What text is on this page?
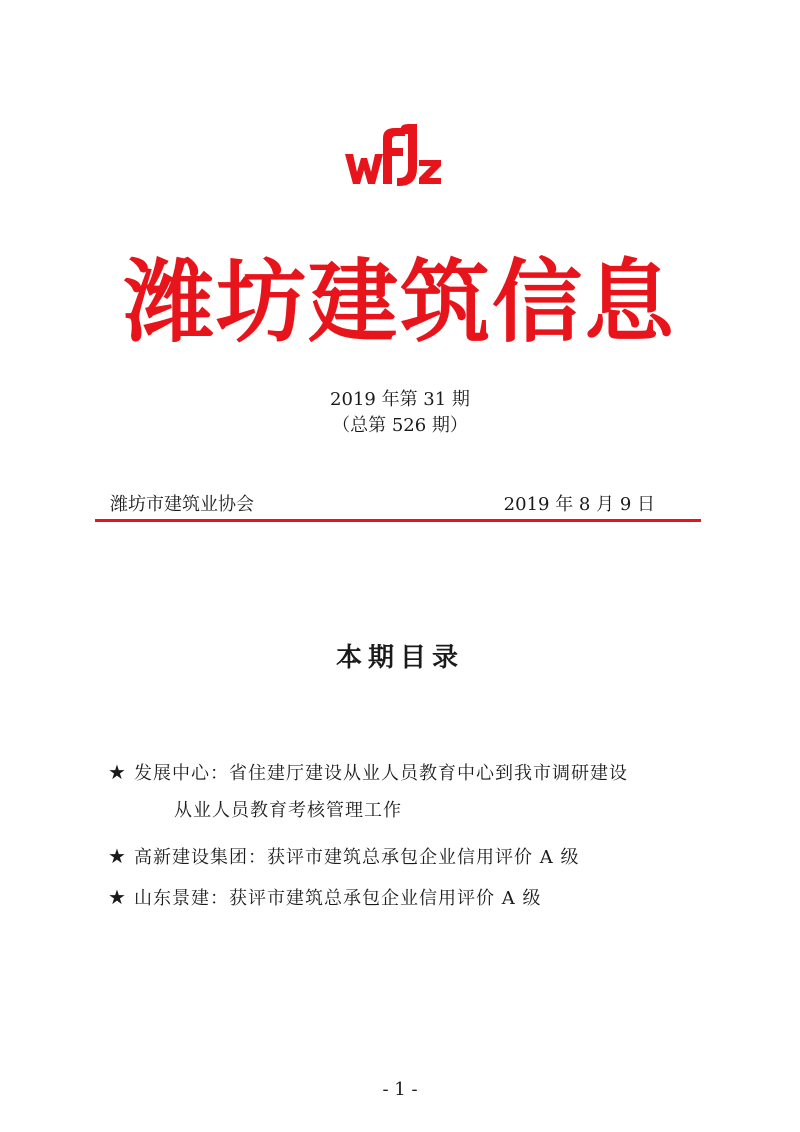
潍坊建筑信息
2019 年第 31 期
（总第 526 期）
潍坊市建筑业协会	2019 年 8 月 9 日
本期目录
★ 发展中心：省住建厅建设从业人员教育中心到我市调研建设
从业人员教育考核管理工作
★ 高新建设集团：获评市建筑总承包企业信用评价 A 级
★ 山东景建：获评市建筑总承包企业信用评价 A 级
- 1 -
